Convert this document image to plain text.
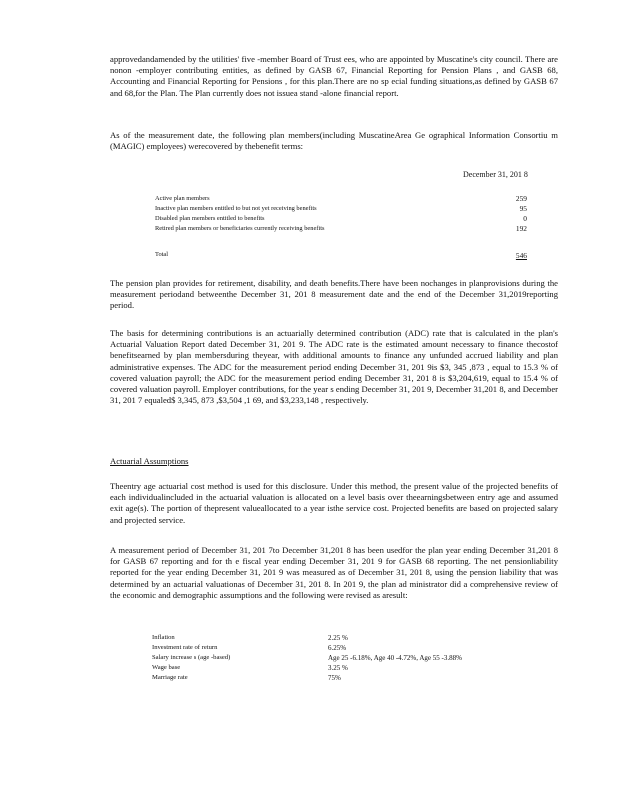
approvedandamended by the utilities' five -member Board of Trust ees, who are appointed by Muscatine's city council. There are nonon -employer contributing entities, as defined by GASB 67, Financial Reporting for Pension Plans , and GASB 68, Accounting and Financial Reporting for Pensions , for this plan.There are no sp ecial funding situations,as defined by GASB 67 and 68,for the Plan. The Plan currently does not issuea stand -alone financial report.
As of the measurement date, the following plan members(including MuscatineArea Ge ographical Information Consortiu m (MAGIC) employees) werecovered by thebenefit terms:
December 31, 201 8
Active plan members	259
Inactive plan members entitled to but not yet receiving benefits	95
Disabled plan members entitled to benefits	0
Retired plan members or beneficiaries currently receiving benefits	192
Total	546
The pension plan provides for retirement, disability, and death benefits.There have been nochanges in planprovisions during the measurement periodand betweenthe December 31, 201 8 measurement date and the end of the December 31,2019reporting period.
The basis for determining contributions is an actuarially determined contribution (ADC) rate that is calculated in the plan's Actuarial Valuation Report dated December 31, 201 9. The ADC rate is the estimated amount necessary to finance thecostof benefitsearned by plan membersduring theyear, with additional amounts to finance any unfunded accrued liability and plan administrative expenses. The ADC for the measurement period ending December 31, 201 9is $3, 345 ,873 , equal to 15.3 % of covered valuation payroll; the ADC for the measurement period ending December 31, 201 8 is $3,204,619, equal to 15.4 % of covered valuation payroll. Employer contributions, for the year s ending December 31, 201 9, December 31,201 8, and December 31, 201 7 equaled$ 3,345, 873 ,$3,504 ,1 69, and $3,233,148 , respectively.
Actuarial Assumptions
Theentry age actuarial cost method is used for this disclosure. Under this method, the present value of the projected benefits of each individualincluded in the actuarial valuation is allocated on a level basis over theearningsbetween entry age and assumed exit age(s). The portion of thepresent valueallocated to a year isthe service cost. Projected benefits are based on projected salary and projected service.
A measurement period of December 31, 201 7to December 31,201 8 has been usedfor the plan year ending December 31,201 8 for GASB 67 reporting and for th e fiscal year ending December 31, 201 9 for GASB 68 reporting. The net pensionliability reported for the year ending December 31, 201 9 was measured as of December 31, 201 8, using the pension liability that was determined by an actuarial valuationas of December 31, 201 8. In 201 9, the plan ad ministrator did a comprehensive review of the economic and demographic assumptions and the following were revised as aresult:
Inflation	2.25 %
Investment rate of return	6.25%
Salary increase s (age -based)	Age 25 -6.18%, Age 40 -4.72%, Age 55 -3.88%
Wage base	3.25 %
Marriage rate	75%
